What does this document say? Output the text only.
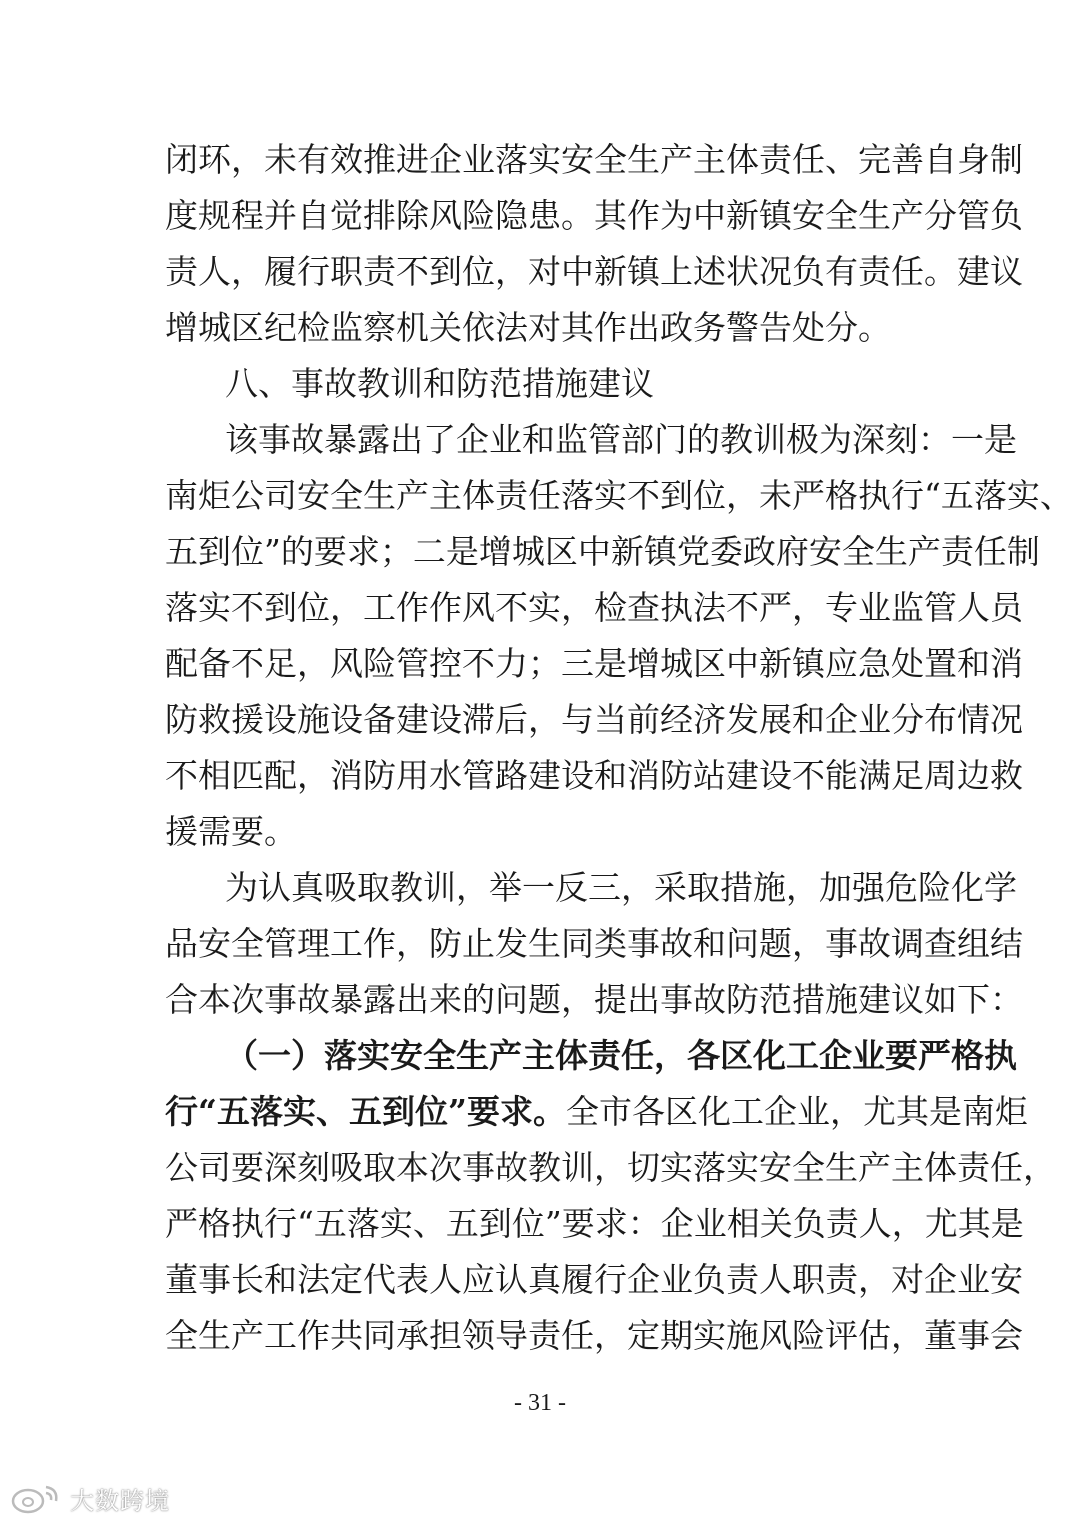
闭环，未有效推进企业落实安全生产主体责任、完善自身制
度规程并自觉排除风险隐患。其作为中新镇安全生产分管负
责人，履行职责不到位，对中新镇上述状况负有责任。建议
增城区纪检监察机关依法对其作出政务警告处分。
八、事故教训和防范措施建议
该事故暴露出了企业和监管部门的教训极为深刻：一是
南炬公司安全生产主体责任落实不到位，未严格执行“五落实、
五到位”的要求；二是增城区中新镇党委政府安全生产责任制
落实不到位，工作作风不实，检查执法不严，专业监管人员
配备不足，风险管控不力；三是增城区中新镇应急处置和消
防救援设施设备建设滞后，与当前经济发展和企业分布情况
不相匹配，消防用水管路建设和消防站建设不能满足周边救
援需要。
为认真吸取教训，举一反三，采取措施，加强危险化学
品安全管理工作，防止发生同类事故和问题，事故调查组结
合本次事故暴露出来的问题，提出事故防范措施建议如下：
（一）落实安全生产主体责任，各区化工企业要严格执
行“五落实、五到位”要求。全市各区化工企业，尤其是南炬
公司要深刻吸取本次事故教训，切实落实安全生产主体责任，
严格执行“五落实、五到位”要求：企业相关负责人，尤其是
董事长和法定代表人应认真履行企业负责人职责，对企业安
全生产工作共同承担领导责任，定期实施风险评估，董事会
- 31 -
大数跨境
